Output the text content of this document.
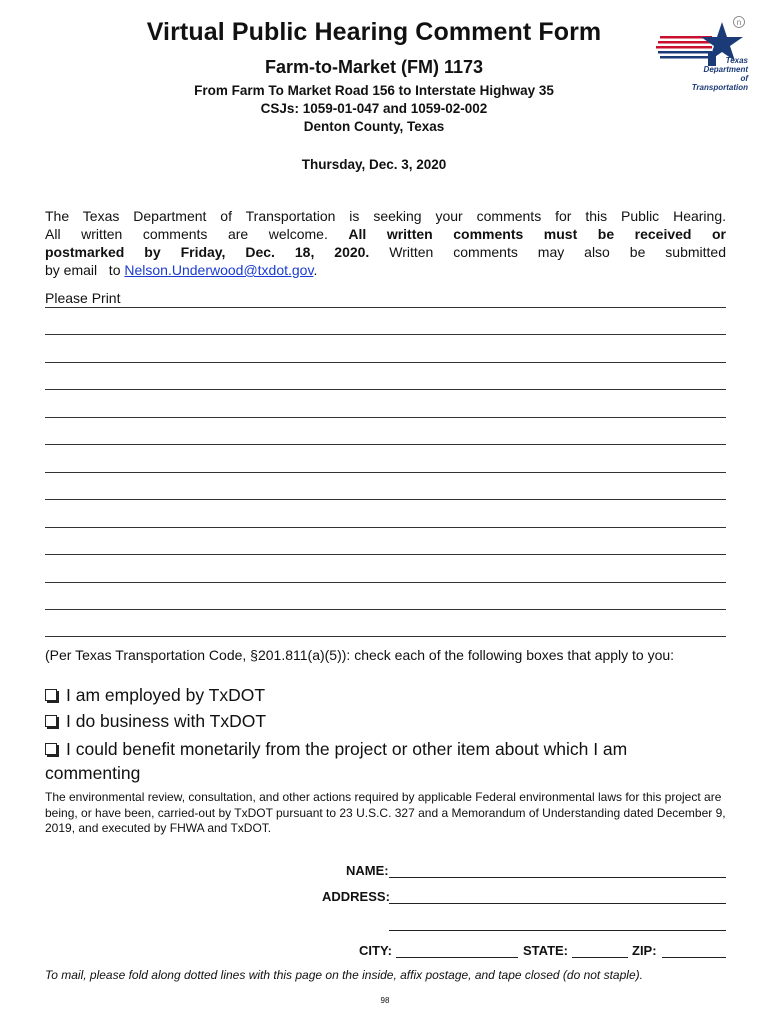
Virtual Public Hearing Comment Form
Farm-to-Market (FM) 1173
From Farm To Market Road 156 to Interstate Highway 35
CSJs: 1059-01-047 and 1059-02-002
Denton County, Texas
Thursday, Dec. 3, 2020
n
Texas
Department
of Transportation
The Texas Department of Transportation is seeking your comments for this Public Hearing.
All written comments are welcome. All written comments must be received or
postmarked by Friday, Dec. 18, 2020. Written comments may also be submitted
by email   to Nelson.Underwood@txdot.gov.
Please Print
(Per Texas Transportation Code, §201.811(a)(5)): check each of the following boxes that apply to you:
I am employed by TxDOT
I do business with TxDOT
I could benefit monetarily from the project or other item about which I am commenting
The environmental review, consultation, and other actions required by applicable Federal environmental laws for this project are being, or have been, carried-out by TxDOT pursuant to 23 U.S.C. 327 and a Memorandum of Understanding dated December 9, 2019, and executed by FHWA and TxDOT.
NAME:
ADDRESS:
CITY:	STATE:	ZIP:
To mail, please fold along dotted lines with this page on the inside, affix postage, and tape closed (do not staple).
98
